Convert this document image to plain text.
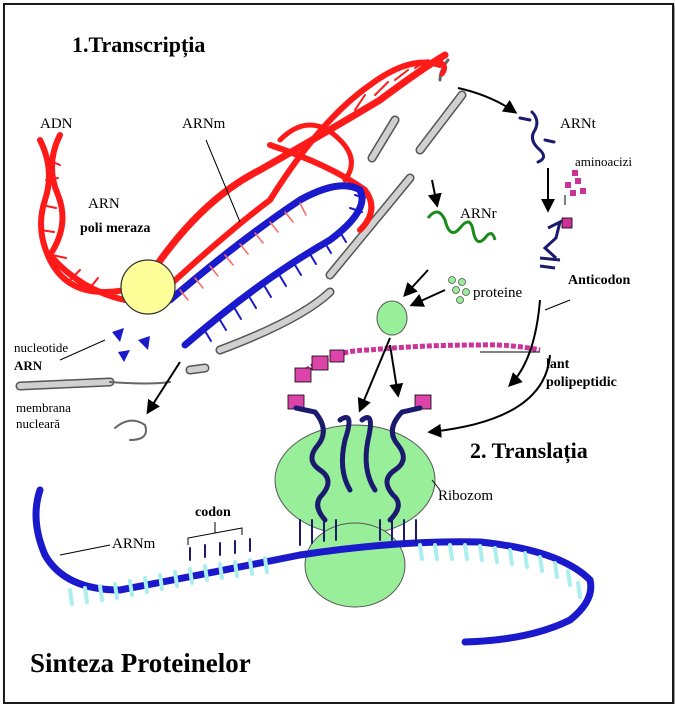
1.Transcripția
ADN	ARNm
ARN
poli meraza
ARNt
aminoacizi
ARNr
Anticodon
proteine
nucleotide
ARN	lant
polipeptidic
membrana
nucleară
2. Translația
Ribozom
codon
ARNm
Sinteza Proteinelor
